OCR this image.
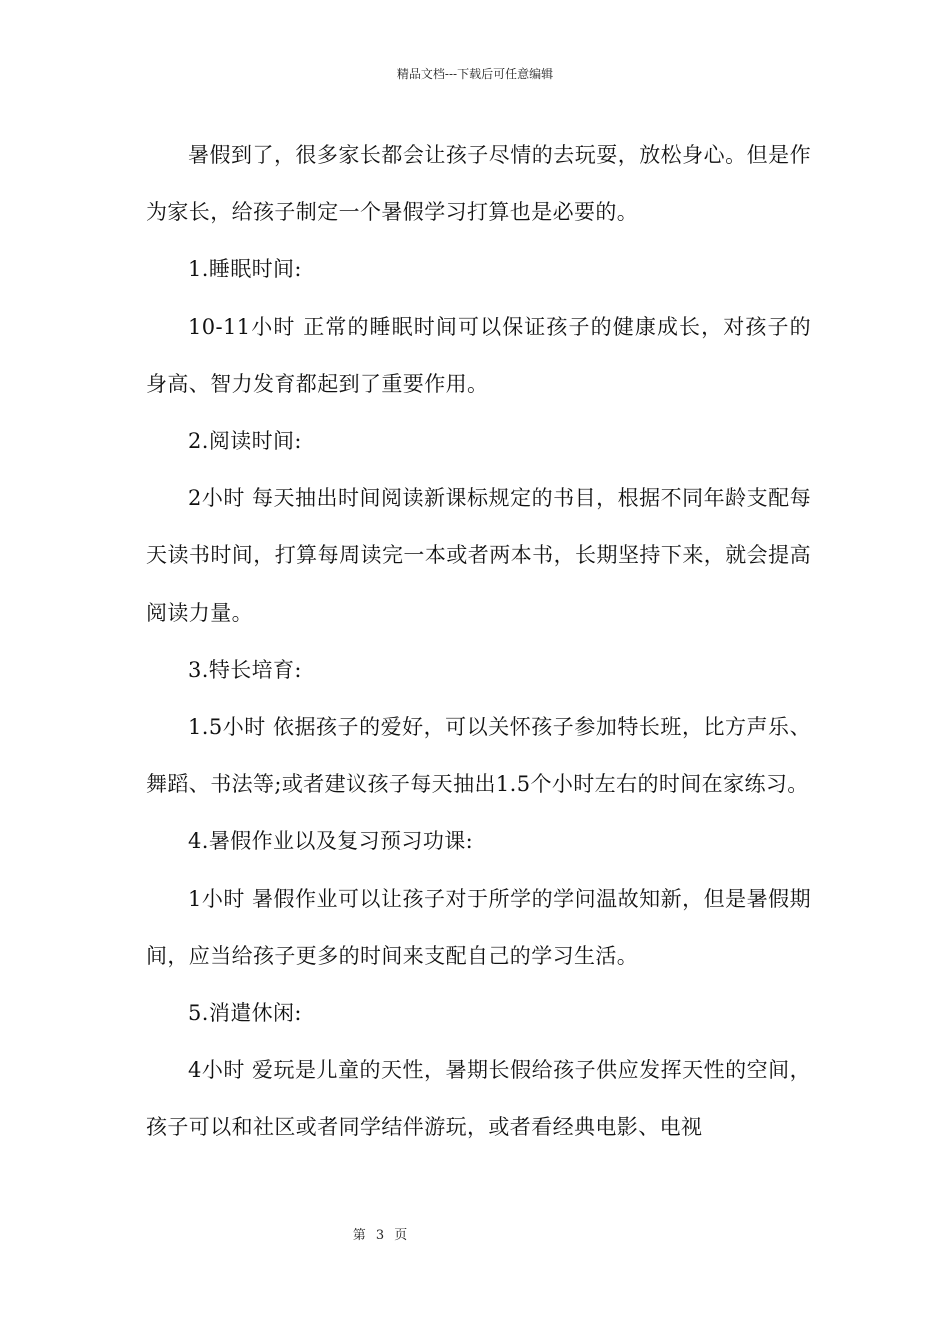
精品文档---下载后可任意编辑

暑假到了，很多家长都会让孩子尽情的去玩耍，放松身心。但是作为家长，给孩子制定一个暑假学习打算也是必要的。

1.睡眠时间:

10-11小时 正常的睡眠时间可以保证孩子的健康成长，对孩子的身高、智力发育都起到了重要作用。

2.阅读时间:

2小时 每天抽出时间阅读新课标规定的书目，根据不同年龄支配每天读书时间，打算每周读完一本或者两本书，长期坚持下来，就会提高阅读力量。

3.特长培育:

1.5小时 依据孩子的爱好，可以关怀孩子参加特长班，比方声乐、舞蹈、书法等;或者建议孩子每天抽出1.5个小时左右的时间在家练习。

4.暑假作业以及复习预习功课:

1小时 暑假作业可以让孩子对于所学的学问温故知新，但是暑假期间，应当给孩子更多的时间来支配自己的学习生活。

5.消遣休闲:

4小时 爱玩是儿童的天性，暑期长假给孩子供应发挥天性的空间，孩子可以和社区或者同学结伴游玩，或者看经典电影、电视

第 3 页
